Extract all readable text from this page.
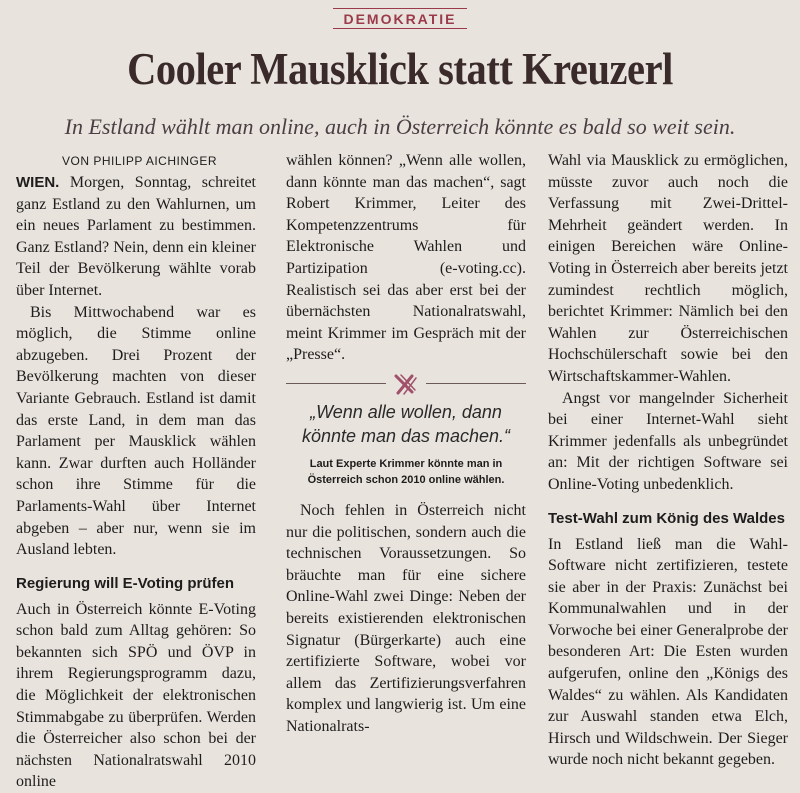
DEMOKRATIE
Cooler Mausklick statt Kreuzerl

In Estland wählt man online, auch in Österreich könnte es bald so weit sein.

VON PHILIPP AICHINGER

WIEN. Morgen, Sonntag, schreitet ganz Estland zu den Wahlurnen, um ein neues Parlament zu bestimmen. Ganz Estland? Nein, denn ein kleiner Teil der Bevölkerung wählte vorab über Internet.

Bis Mittwochabend war es möglich, die Stimme online abzugeben. Drei Prozent der Bevölkerung machten von dieser Variante Gebrauch. Estland ist damit das erste Land, in dem man das Parlament per Mausklick wählen kann. Zwar durften auch Holländer schon ihre Stimme für die Parlaments-Wahl über Internet abgeben – aber nur, wenn sie im Ausland lebten.

Regierung will E-Voting prüfen

Auch in Österreich könnte E-Voting schon bald zum Alltag gehören: So bekannten sich SPÖ und ÖVP in ihrem Regierungsprogramm dazu, die Möglichkeit der elektronischen Stimmabgabe zu überprüfen. Werden die Österreicher also schon bei der nächsten Nationalratswahl 2010 online

wählen können? „Wenn alle wollen, dann könnte man das machen“, sagt Robert Krimmer, Leiter des Kompetenzzentrums für Elektronische Wahlen und Partizipation (e-voting.cc). Realistisch sei das aber erst bei der übernächsten Nationalratswahl, meint Krimmer im Gespräch mit der „Presse“.

„Wenn alle wollen, dann könnte man das machen.“
Laut Experte Krimmer könnte man in Österreich schon 2010 online wählen.

Noch fehlen in Österreich nicht nur die politischen, sondern auch die technischen Voraussetzungen. So bräuchte man für eine sichere Online-Wahl zwei Dinge: Neben der bereits existierenden elektronischen Signatur (Bürgerkarte) auch eine zertifizierte Software, wobei vor allem das Zertifizierungsverfahren komplex und langwierig ist. Um eine Nationalrats-

Wahl via Mausklick zu ermöglichen, müsste zuvor auch noch die Verfassung mit Zwei-Drittel-Mehrheit geändert werden. In einigen Bereichen wäre Online-Voting in Österreich aber bereits jetzt zumindest rechtlich möglich, berichtet Krimmer: Nämlich bei den Wahlen zur Österreichischen Hochschülerschaft sowie bei den Wirtschaftskammer-Wahlen.

Angst vor mangelnder Sicherheit bei einer Internet-Wahl sieht Krimmer jedenfalls als unbegründet an: Mit der richtigen Software sei Online-Voting unbedenklich.

Test-Wahl zum König des Waldes

In Estland ließ man die Wahl-Software nicht zertifizieren, testete sie aber in der Praxis: Zunächst bei Kommunalwahlen und in der Vorwoche bei einer Generalprobe der besonderen Art: Die Esten wurden aufgerufen, online den „Königs des Waldes“ zu wählen. Als Kandidaten zur Auswahl standen etwa Elch, Hirsch und Wildschwein. Der Sieger wurde noch nicht bekannt gegeben.
